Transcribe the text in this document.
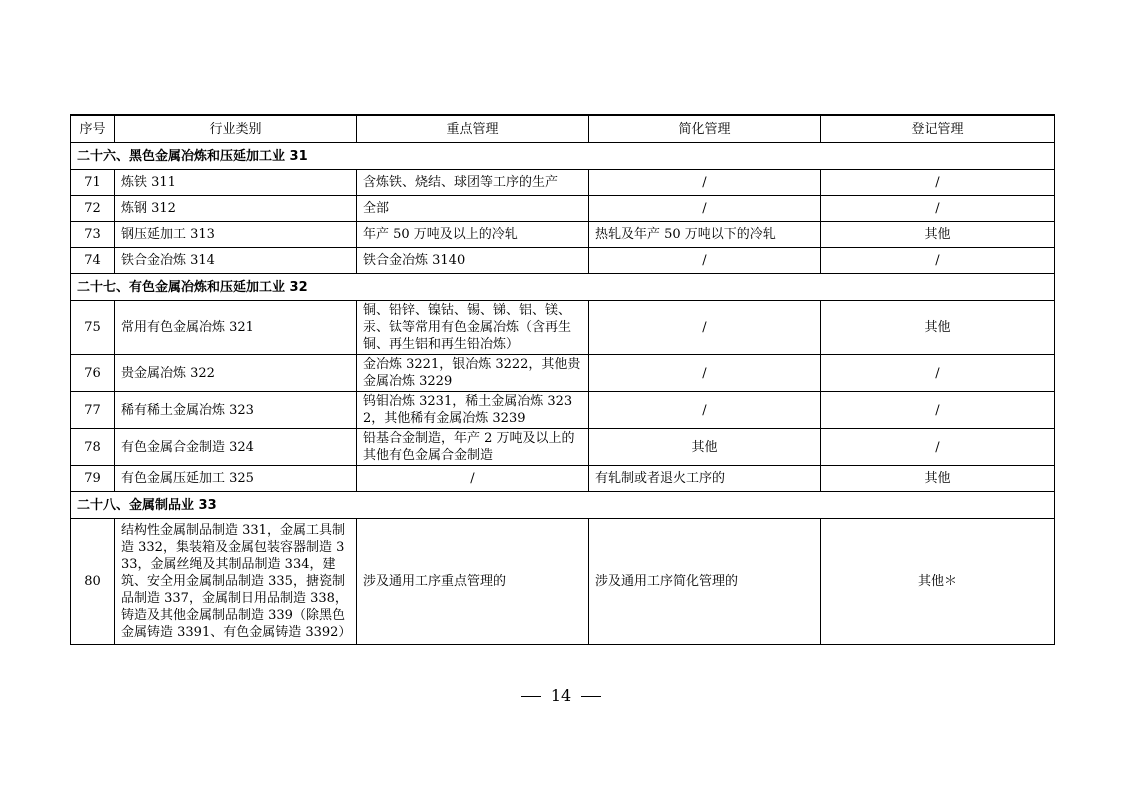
序号	行业类别	重点管理	简化管理	登记管理
二十六、黑色金属冶炼和压延加工业 31				
71	炼铁 311	含炼铁、烧结、球团等工序的生产	/	/
72	炼钢 312	全部	/	/
73	钢压延加工 313	年产 50 万吨及以上的冷轧	热轧及年产 50 万吨以下的冷轧	其他
74	铁合金冶炼 314	铁合金冶炼 3140	/	/
二十七、有色金属冶炼和压延加工业 32				
75	常用有色金属冶炼 321	铜、铅锌、镍钴、锡、锑、铝、镁、汞、钛等常用有色金属冶炼（含再生铜、再生铝和再生铅冶炼）	/	其他
76	贵金属冶炼 322	金冶炼 3221，银冶炼 3222，其他贵金属冶炼 3229	/	/
77	稀有稀土金属冶炼 323	钨钼冶炼 3231，稀土金属冶炼 3232，其他稀有金属冶炼 3239	/	/
78	有色金属合金制造 324	铅基合金制造，年产 2 万吨及以上的其他有色金属合金制造	其他	/
79	有色金属压延加工 325	/	有轧制或者退火工序的	其他
二十八、金属制品业 33				
80	结构性金属制品制造 331，金属工具制造 332，集装箱及金属包装容器制造 333，金属丝绳及其制品制造 334，建筑、安全用金属制品制造 335，搪瓷制品制造 337，金属制日用品制造 338，铸造及其他金属制品制造 339（除黑色金属铸造 3391、有色金属铸造 3392）	涉及通用工序重点管理的	涉及通用工序简化管理的	其他＊
14
